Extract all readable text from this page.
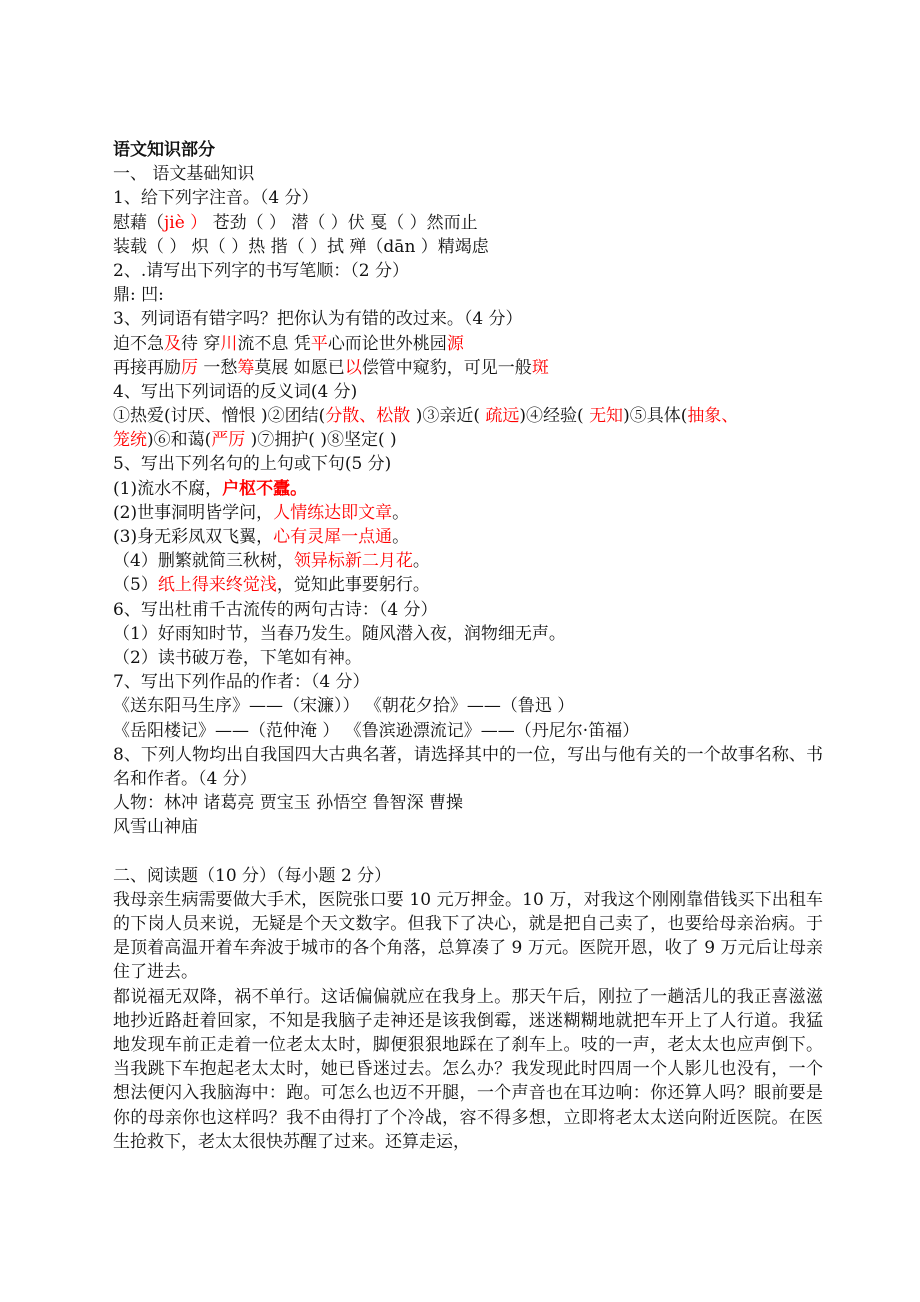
语文知识部分
一、 语文基础知识
1、给下列字注音。（4 分）
慰藉（jiè ） 苍劲（ ） 潜（ ）伏 戛（ ）然而止
装载（ ） 炽（ ）热 揩（ ）拭 殚（dān ）精竭虑
2、.请写出下列字的书写笔顺：（2 分）
鼎: 凹:
3、列词语有错字吗？把你认为有错的改过来。（4 分）
迫不急及待 穿川流不息 凭平心而论世外桃园源
再接再励厉 一愁筹莫展 如愿已以偿管中窥豹，可见一般斑
4、写出下列词语的反义词(4 分)
①热爱(讨厌、憎恨 )②团结(分散、松散 )③亲近( 疏远)④经验( 无知)⑤具体(抽象、
笼统)⑥和蔼(严厉 )⑦拥护( )⑧坚定( )
5、写出下列名句的上句或下句(5 分)
(1)流水不腐，户枢不蠹。
(2)世事洞明皆学问，人情练达即文章。
(3)身无彩凤双飞翼，心有灵犀一点通。
（4）删繁就简三秋树，领异标新二月花。
（5）纸上得来终觉浅，觉知此事要躬行。
6、写出杜甫千古流传的两句古诗：（4 分）
（1）好雨知时节，当春乃发生。随风潜入夜，润物细无声。
（2）读书破万卷，下笔如有神。
7、写出下列作品的作者：（4 分）
《送东阳马生序》——（宋濂）） 《朝花夕拾》——（鲁迅 ）
《岳阳楼记》——（范仲淹 ） 《鲁滨逊漂流记》——（丹尼尔·笛福）
8、下列人物均出自我国四大古典名著，请选择其中的一位，写出与他有关的一个故事名称、书名和作者。（4 分）
人物：林冲 诸葛亮 贾宝玉 孙悟空 鲁智深 曹操
风雪山神庙
二、阅读题（10 分）（每小题 2 分）
我母亲生病需要做大手术，医院张口要 10 元万押金。10 万，对我这个刚刚靠借钱买下出租车的下岗人员来说，无疑是个天文数字。但我下了决心，就是把自己卖了，也要给母亲治病。于是顶着高温开着车奔波于城市的各个角落，总算凑了 9 万元。医院开恩，收了 9 万元后让母亲住了进去。
都说福无双降，祸不单行。这话偏偏就应在我身上。那天午后，刚拉了一趟活儿的我正喜滋滋地抄近路赶着回家，不知是我脑子走神还是该我倒霉，迷迷糊糊地就把车开上了人行道。我猛地发现车前正走着一位老太太时，脚便狠狠地踩在了刹车上。吱的一声，老太太也应声倒下。当我跳下车抱起老太太时，她已昏迷过去。怎么办？我发现此时四周一个人影儿也没有，一个想法便闪入我脑海中：跑。可怎么也迈不开腿，一个声音也在耳边响：你还算人吗？眼前要是你的母亲你也这样吗？我不由得打了个冷战，容不得多想，立即将老太太送向附近医院。在医生抢救下，老太太很快苏醒了过来。还算走运，
